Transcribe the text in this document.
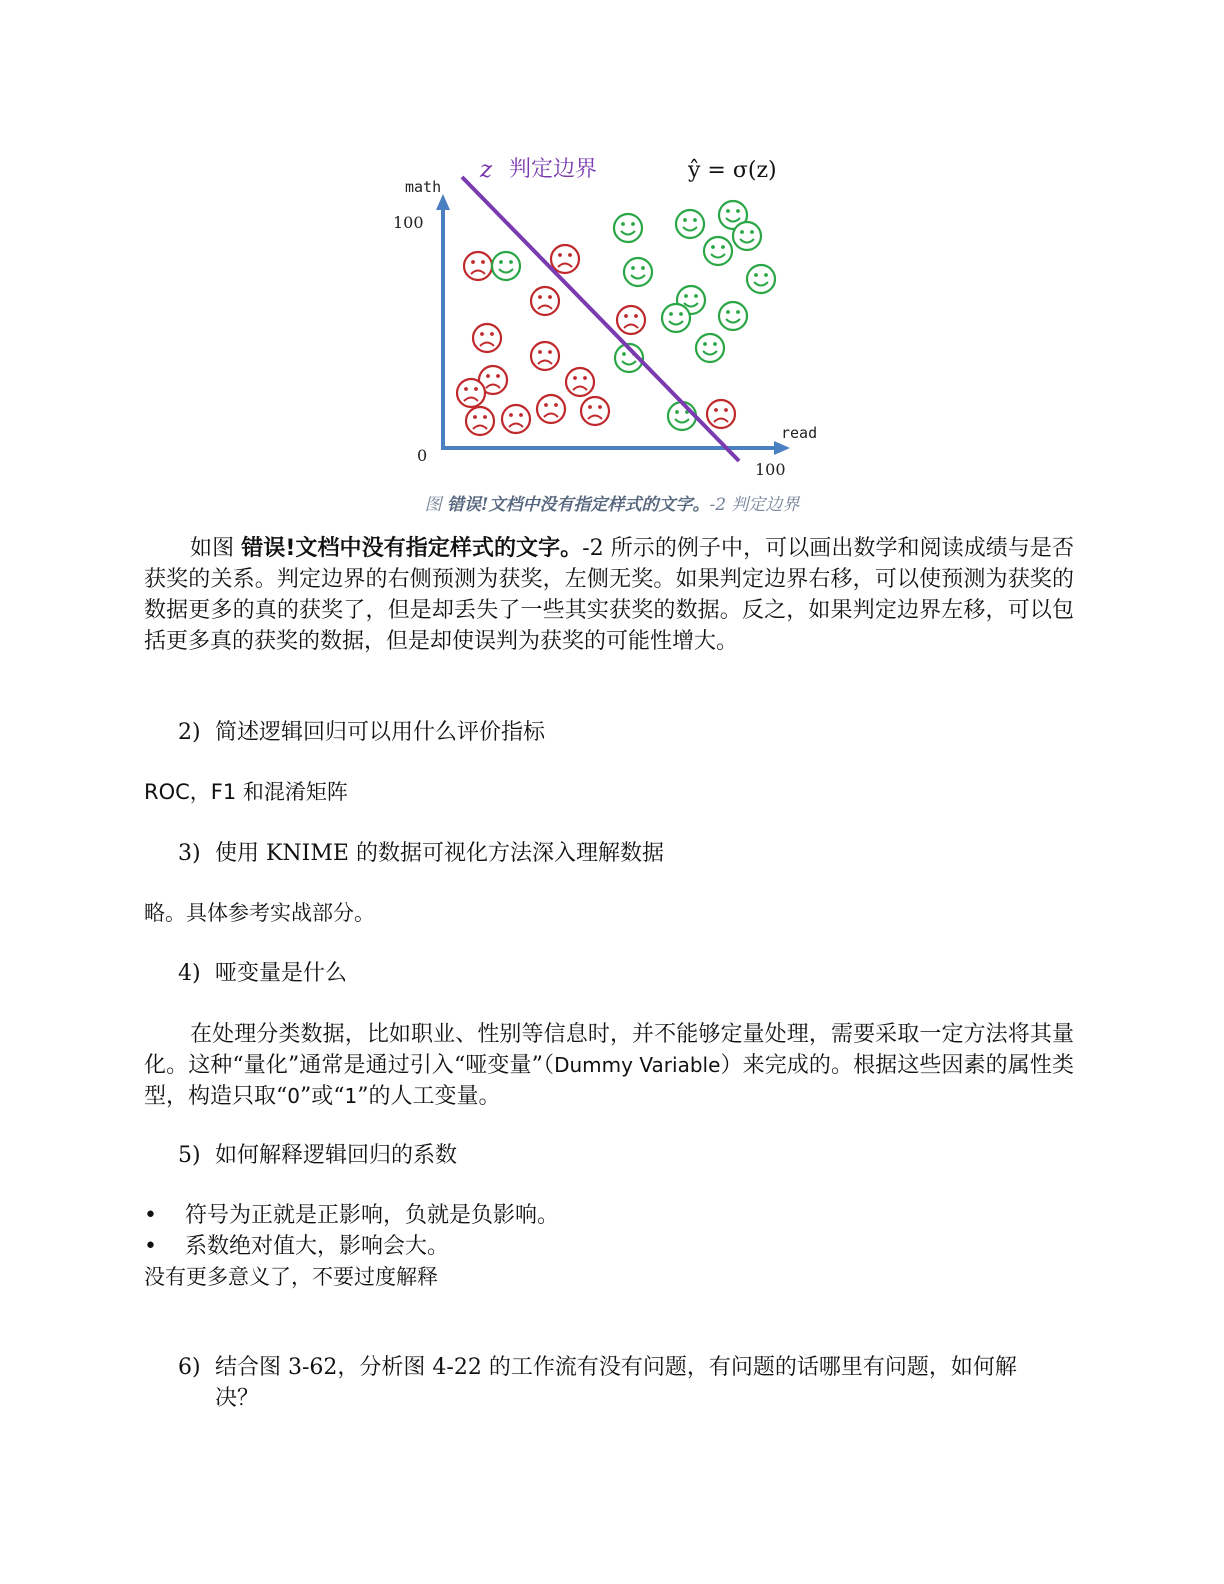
z 判定边界	ŷ = σ(z)
math
100
0
read
100
图 错误!文档中没有指定样式的文字。-2 判定边界
如图 错误!文档中没有指定样式的文字。-2 所示的例子中，可以画出数学和阅读成绩与是否获奖的关系。判定边界的右侧预测为获奖，左侧无奖。如果判定边界右移，可以使预测为获奖的数据更多的真的获奖了，但是却丢失了一些其实获奖的数据。反之，如果判定边界左移，可以包括更多真的获奖的数据，但是却使误判为获奖的可能性增大。
2) 简述逻辑回归可以用什么评价指标
ROC，F1 和混淆矩阵
3) 使用 KNIME 的数据可视化方法深入理解数据
略。具体参考实战部分。
4) 哑变量是什么
在处理分类数据，比如职业、性别等信息时，并不能够定量处理，需要采取一定方法将其量化。这种“量化”通常是通过引入“哑变量”（Dummy Variable）来完成的。根据这些因素的属性类型，构造只取“0”或“1”的人工变量。
5) 如何解释逻辑回归的系数
• 符号为正就是正影响，负就是负影响。
• 系数绝对值大，影响会大。
没有更多意义了，不要过度解释
6) 结合图 3-62，分析图 4-22 的工作流有没有问题，有问题的话哪里有问题，如何解
决？
